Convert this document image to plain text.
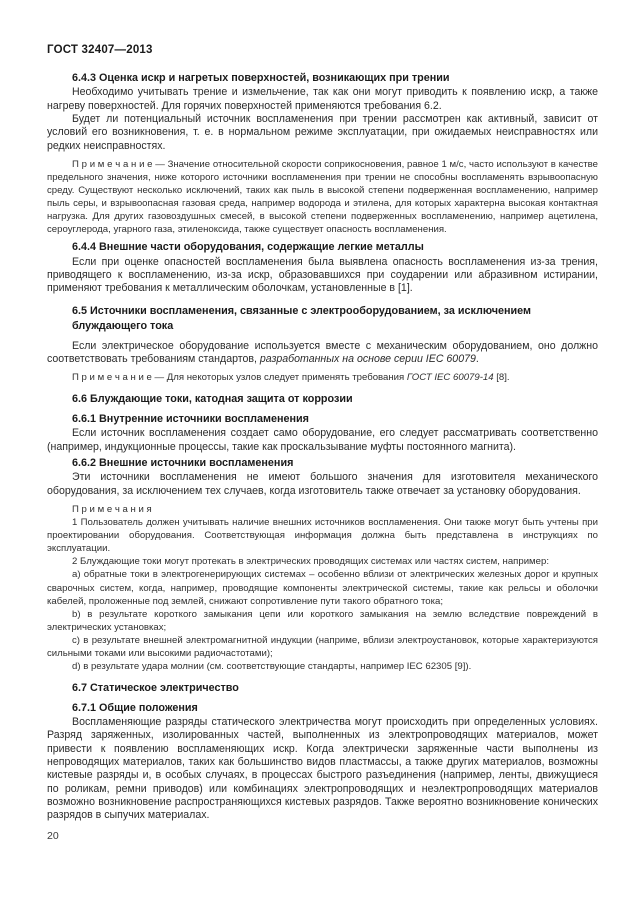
ГОСТ 32407—2013

6.4.3 Оценка искр и нагретых поверхностей, возникающих при трении

Необходимо учитывать трение и измельчение, так как они могут приводить к появлению искр, а также нагреву поверхностей. Для горячих поверхностей применяются требования 6.2.

Будет ли потенциальный источник воспламенения при трении рассмотрен как активный, зависит от условий его возникновения, т. е. в нормальном режиме эксплуатации, при ожидаемых неисправностях или редких неисправностях.

П р и м е ч а н и е — Значение относительной скорости соприкосновения, равное 1 м/с, часто используют в качестве предельного значения, ниже которого источники воспламенения при трении не способны воспламенять взрывоопасную среду. Существуют несколько исключений, таких как пыль в высокой степени подверженная воспламенению, например пыль серы, и взрывоопасная газовая среда, например водорода и этилена, для которых характерна высокая контактная нагрузка. Для других газовоздушных смесей, в высокой степени подверженных воспламенению, например ацетилена, сероуглерода, угарного газа, этиленоксида, также существует опасность воспламенения.

6.4.4 Внешние части оборудования, содержащие легкие металлы

Если при оценке опасностей воспламенения была выявлена опасность воспламенения из-за трения, приводящего к воспламенению, из-за искр, образовавшихся при соударении или абразивном истирании, применяют требования к металлическим оболочкам, установленные в [1].

6.5 Источники воспламенения, связанные с электрооборудованием, за исключением блуждающего тока

Если электрическое оборудование используется вместе с механическим оборудованием, оно должно соответствовать требованиям стандартов, разработанных на основе серии IEC 60079.

П р и м е ч а н и е — Для некоторых узлов следует применять требования ГОСТ IEC 60079-14 [8].

6.6 Блуждающие токи, катодная защита от коррозии

6.6.1 Внутренние источники воспламенения

Если источник воспламенения создает само оборудование, его следует рассматривать соответственно (например, индукционные процессы, такие как проскальзывание муфты постоянного магнита).

6.6.2 Внешние источники воспламенения

Эти источники воспламенения не имеют большого значения для изготовителя механического оборудования, за исключением тех случаев, когда изготовитель также отвечает за установку оборудования.

П р и м е ч а н и я

1 Пользователь должен учитывать наличие внешних источников воспламенения. Они также могут быть учтены при проектировании оборудования. Соответствующая информация должна быть представлена в инструкциях по эксплуатации.

2 Блуждающие токи могут протекать в электрических проводящих системах или частях систем, например:

a) обратные токи в электрогенерирующих системах – особенно вблизи от электрических железных дорог и крупных сварочных систем, когда, например, проводящие компоненты электрической системы, такие как рельсы и оболочки кабелей, проложенные под землей, снижают сопротивление пути такого обратного тока;

b) в результате короткого замыкания цепи или короткого замыкания на землю вследствие повреждений в электрических установках;

c) в результате внешней электромагнитной индукции (наприме, вблизи электроустановок, которые характеризуются сильными токами или высокими радиочастотами);

d) в результате удара молнии (см. соответствующие стандарты, например IEC 62305 [9]).

6.7 Статическое электричество

6.7.1 Общие положения

Воспламеняющие разряды статического электричества могут происходить при определенных условиях. Разряд заряженных, изолированных частей, выполненных из электропроводящих материалов, может привести к появлению воспламеняющих искр. Когда электрически заряженные части выполнены из непроводящих материалов, таких как большинство видов пластмассы, а также других материалов, возможны кистевые разряды и, в особых случаях, в процессах быстрого разъединения (например, ленты, движущиеся по роликам, ремни приводов) или комбинациях электропроводящих и неэлектропроводящих материалов возможно возникновение распространяющихся кистевых разрядов. Также вероятно возникновение конических разрядов в сыпучих материалах.

20
